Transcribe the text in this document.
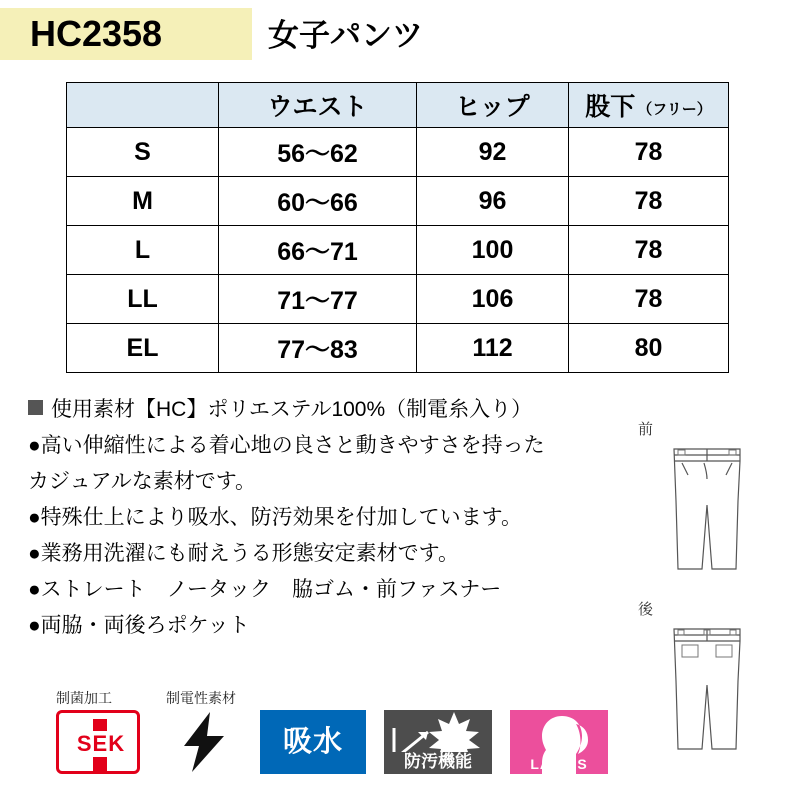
HC2358	女子パンツ
	ウエスト	ヒップ	股下 （フリー）
S	56〜62	92	78
M	60〜66	96	78
L	66〜71	100	78
LL	71〜77	106	78
EL	77〜83	112	80
使用素材【HC】ポリエステル100%（制電糸入り）
●高い伸縮性による着心地の良さと動きやすさを持った
カジュアルな素材です。
●特殊仕上により吸水、防汚効果を付加しています。
●業務用洗濯にも耐えうる形態安定素材です。
●ストレート　ノータック　脇ゴム・前ファスナー
●両脇・両後ろポケット
前
後
制菌加工
SEK
制電性素材
吸水
防汚機能	LADIES
